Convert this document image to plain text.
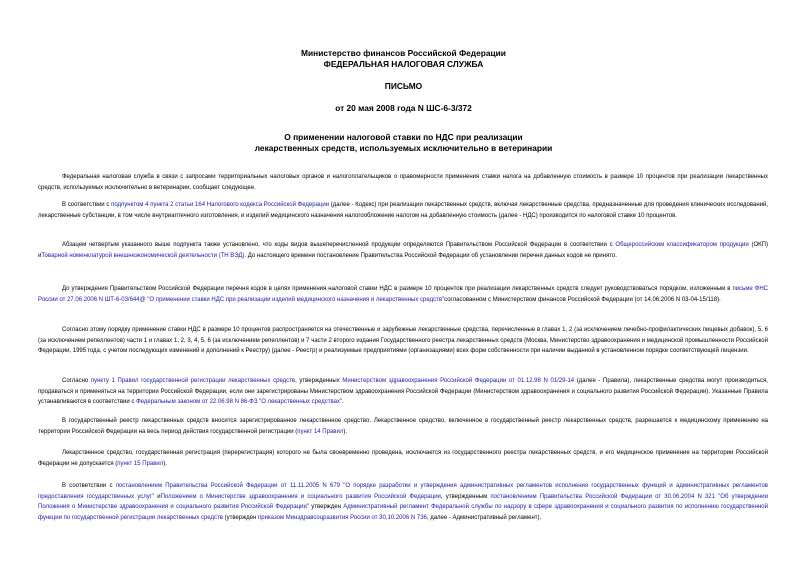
Министерство финансов Российской Федерации
ФЕДЕРАЛЬНАЯ НАЛОГОВАЯ СЛУЖБА
ПИСЬМО
от 20 мая 2008 года N ШС-6-3/372
О применении налоговой ставки по НДС при реализации
лекарственных средств, используемых исключительно в ветеринарии

Федеральная налоговая служба в связи с запросами территориальных налоговых органов и налогоплательщиков о правомерности применения ставки налога на добавленную стоимость в размере 10 процентов при реализации лекарственных средств, используемых исключительно в ветеринарии, сообщает следующее.

В соответствии с подпунктом 4 пункта 2 статьи 164 Налогового кодекса Российской Федерации (далее - Кодекс) при реализации лекарственных средств, включая лекарственные средства, предназначенные для проведения клинических исследований, лекарственные субстанции, в том числе внутриаптечного изготовления, и изделий медицинского назначения налогообложение налогом на добавленную стоимость (далее - НДС) производится по налоговой ставке 10 процентов.

Абзацем четвертым указанного выше подпункта также установлено, что коды видов вышеперечисленной продукции определяются Правительством Российской Федерации в соответствии с Общероссийским классификатором продукции (ОКП) иТоварной номенклатурой внешнеэкономической деятельности (ТН ВЭД). До настоящего времени постановление Правительства Российской Федерации об установлении перечня данных кодов не принято.

До утверждения Правительством Российской Федерации перечня кодов в целях применения налоговой ставки НДС в размере 10 процентов при реализации лекарственных средств следует руководствоваться порядком, изложенным в письме ФНС России от 27.06.2006 N ШТ-6-03/644@ "О применении ставки НДС при реализации изделий медицинского назначения и лекарственных средств"согласованном с Министерством финансов Российской Федерации (от 14.06.2006 N 03-04-15/118).

Согласно этому порядку применение ставки НДС в размере 10 процентов распространяется на отечественные и зарубежные лекарственные средства, перечисленные в главах 1, 2 (за исключением лечебно-профилактических пищевых добавок), 5, 6 (за исключением репеллентов) части 1 и главах 1, 2, 3, 4, 5, 6 (за исключением репеллентов) и 7 части 2 второго издания Государственного реестра лекарственных средств (Москва, Министерство здравоохранения и медицинской промышленности Российской Федерации, 1995 года, с учетом последующих изменений и дополнений к Реестру) (далее - Реестр) и реализуемые предприятиями (организациями) всех форм собственности при наличии выданной в установленном порядке соответствующей лицензии.

Согласно пункту 1 Правил государственной регистрации лекарственных средств, утвержденных Министерством здравоохранения Российской Федерации от 01.12.98 N 01/29-14 (далее - Правила), лекарственные средства могут производиться, продаваться и применяться на территории Российской Федерации, если они зарегистрированы Министерством здравоохранения Российской Федерации (Министерством здравоохранения и социального развития Российской Федерации). Указанные Правила устанавливаются в соответствии с Федеральным законом от 22.06.98 N 86-ФЗ "О лекарственных средствах".

В государственный реестр лекарственных средств вносится зарегистрированное лекарственное средство. Лекарственное средство, включенное в государственный реестр лекарственных средств, разрешается к медицинскому применению на территории Российской Федерации на весь период действия государственной регистрации (пункт 14 Правил).

Лекарственное средство, государственная регистрация (перерегистрация) которого не была своевременно проведена, исключается из государственного реестра лекарственных средств, и его медицинское применение на территории Российской Федерации не допускается (пункт 15 Правил).

В соответствии с постановлением Правительства Российской Федерации от 11.11.2005 N 679 "О порядке разработки и утверждения административных регламентов исполнения государственных функций и административных регламентов предоставления государственных услуг" иПоложением о Министерстве здравоохранения и социального развития Российской Федерации, утвержденным постановлением Правительства Российской Федерации от 30.06.2004 N 321 "Об утверждении Положения о Министерстве здравоохранения и социального развития Российской Федерации" утвержден Административный регламент Федеральной службы по надзору в сфере здравоохранения и социального развития по исполнению государственной функции по государственной регистрации лекарственных средств (утвержден приказом Минздравсоцразвития России от 30.10.2006 N 736, далее - Административный регламент).
